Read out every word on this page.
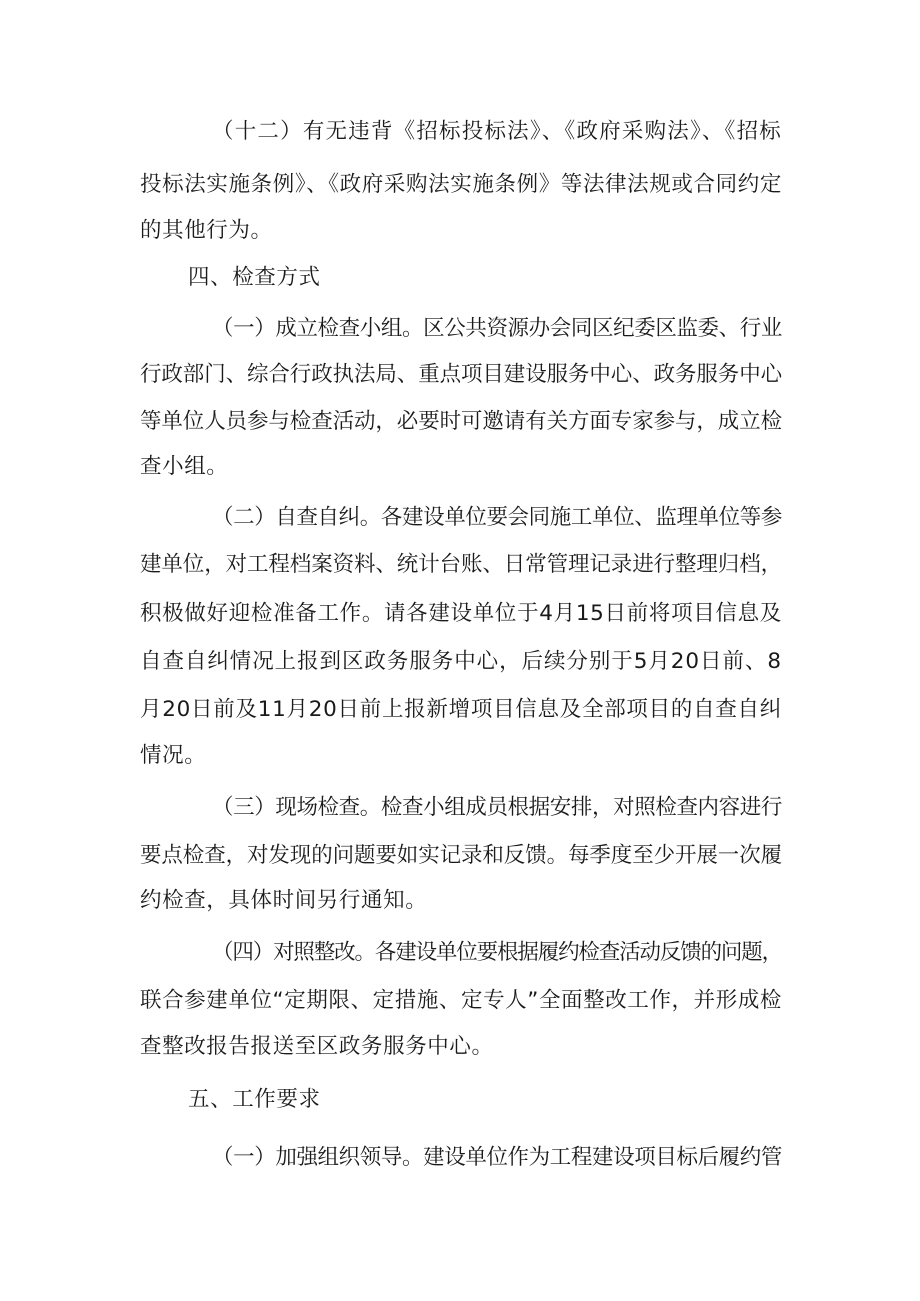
（十二）有无违背《招标投标法》、《政府采购法》、《招标
投标法实施条例》、《政府采购法实施条例》等法律法规或合同约定
的其他行为。
四、检查方式
（一）成立检查小组。区公共资源办会同区纪委区监委、行业
行政部门、综合行政执法局、重点项目建设服务中心、政务服务中心
等单位人员参与检查活动，必要时可邀请有关方面专家参与，成立检
查小组。
（二）自查自纠。各建设单位要会同施工单位、监理单位等参
建单位，对工程档案资料、统计台账、日常管理记录进行整理归档，
积极做好迎检准备工作。请各建设单位于4月15日前将项目信息及
自查自纠情况上报到区政务服务中心，后续分别于5月20日前、8
月20日前及11月20日前上报新增项目信息及全部项目的自查自纠
情况。
（三）现场检查。检查小组成员根据安排，对照检查内容进行
要点检查，对发现的问题要如实记录和反馈。每季度至少开展一次履
约检查，具体时间另行通知。
（四）对照整改。各建设单位要根据履约检查活动反馈的问题，
联合参建单位“定期限、定措施、定专人”全面整改工作，并形成检
查整改报告报送至区政务服务中心。
五、工作要求
（一）加强组织领导。建设单位作为工程建设项目标后履约管
